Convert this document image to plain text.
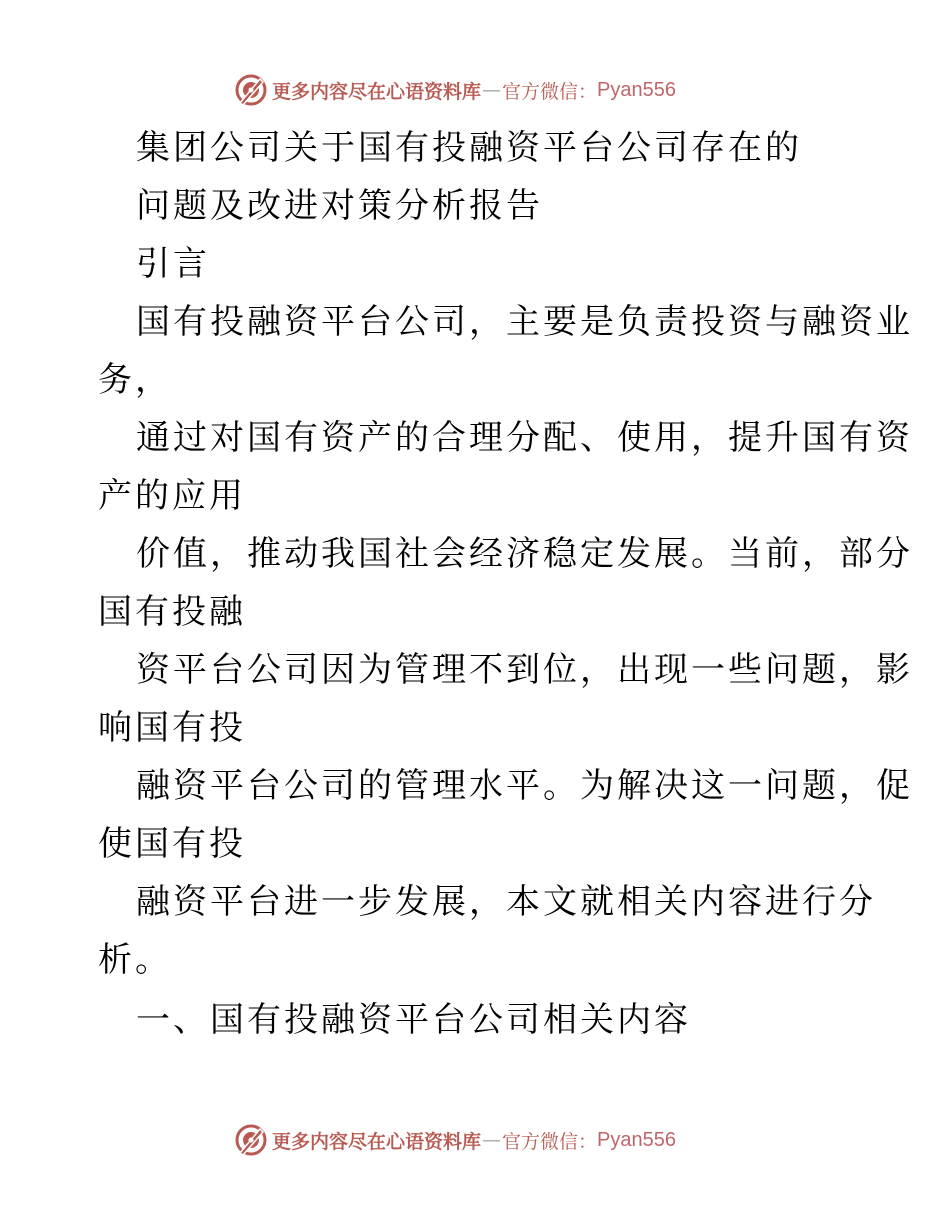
更多内容尽在心语资料库 — 官方微信： Pyan556

集团公司关于国有投融资平台公司存在的

问题及改进对策分析报告

引言

国有投融资平台公司，主要是负责投资与融资业

务，

通过对国有资产的合理分配、使用，提升国有资

产的应用

价值，推动我国社会经济稳定发展。当前，部分

国有投融

资平台公司因为管理不到位，出现一些问题，影

响国有投

融资平台公司的管理水平。为解决这一问题，促

使国有投

融资平台进一步发展，本文就相关内容进行分

析。

一、国有投融资平台公司相关内容

更多内容尽在心语资料库 — 官方微信： Pyan556
